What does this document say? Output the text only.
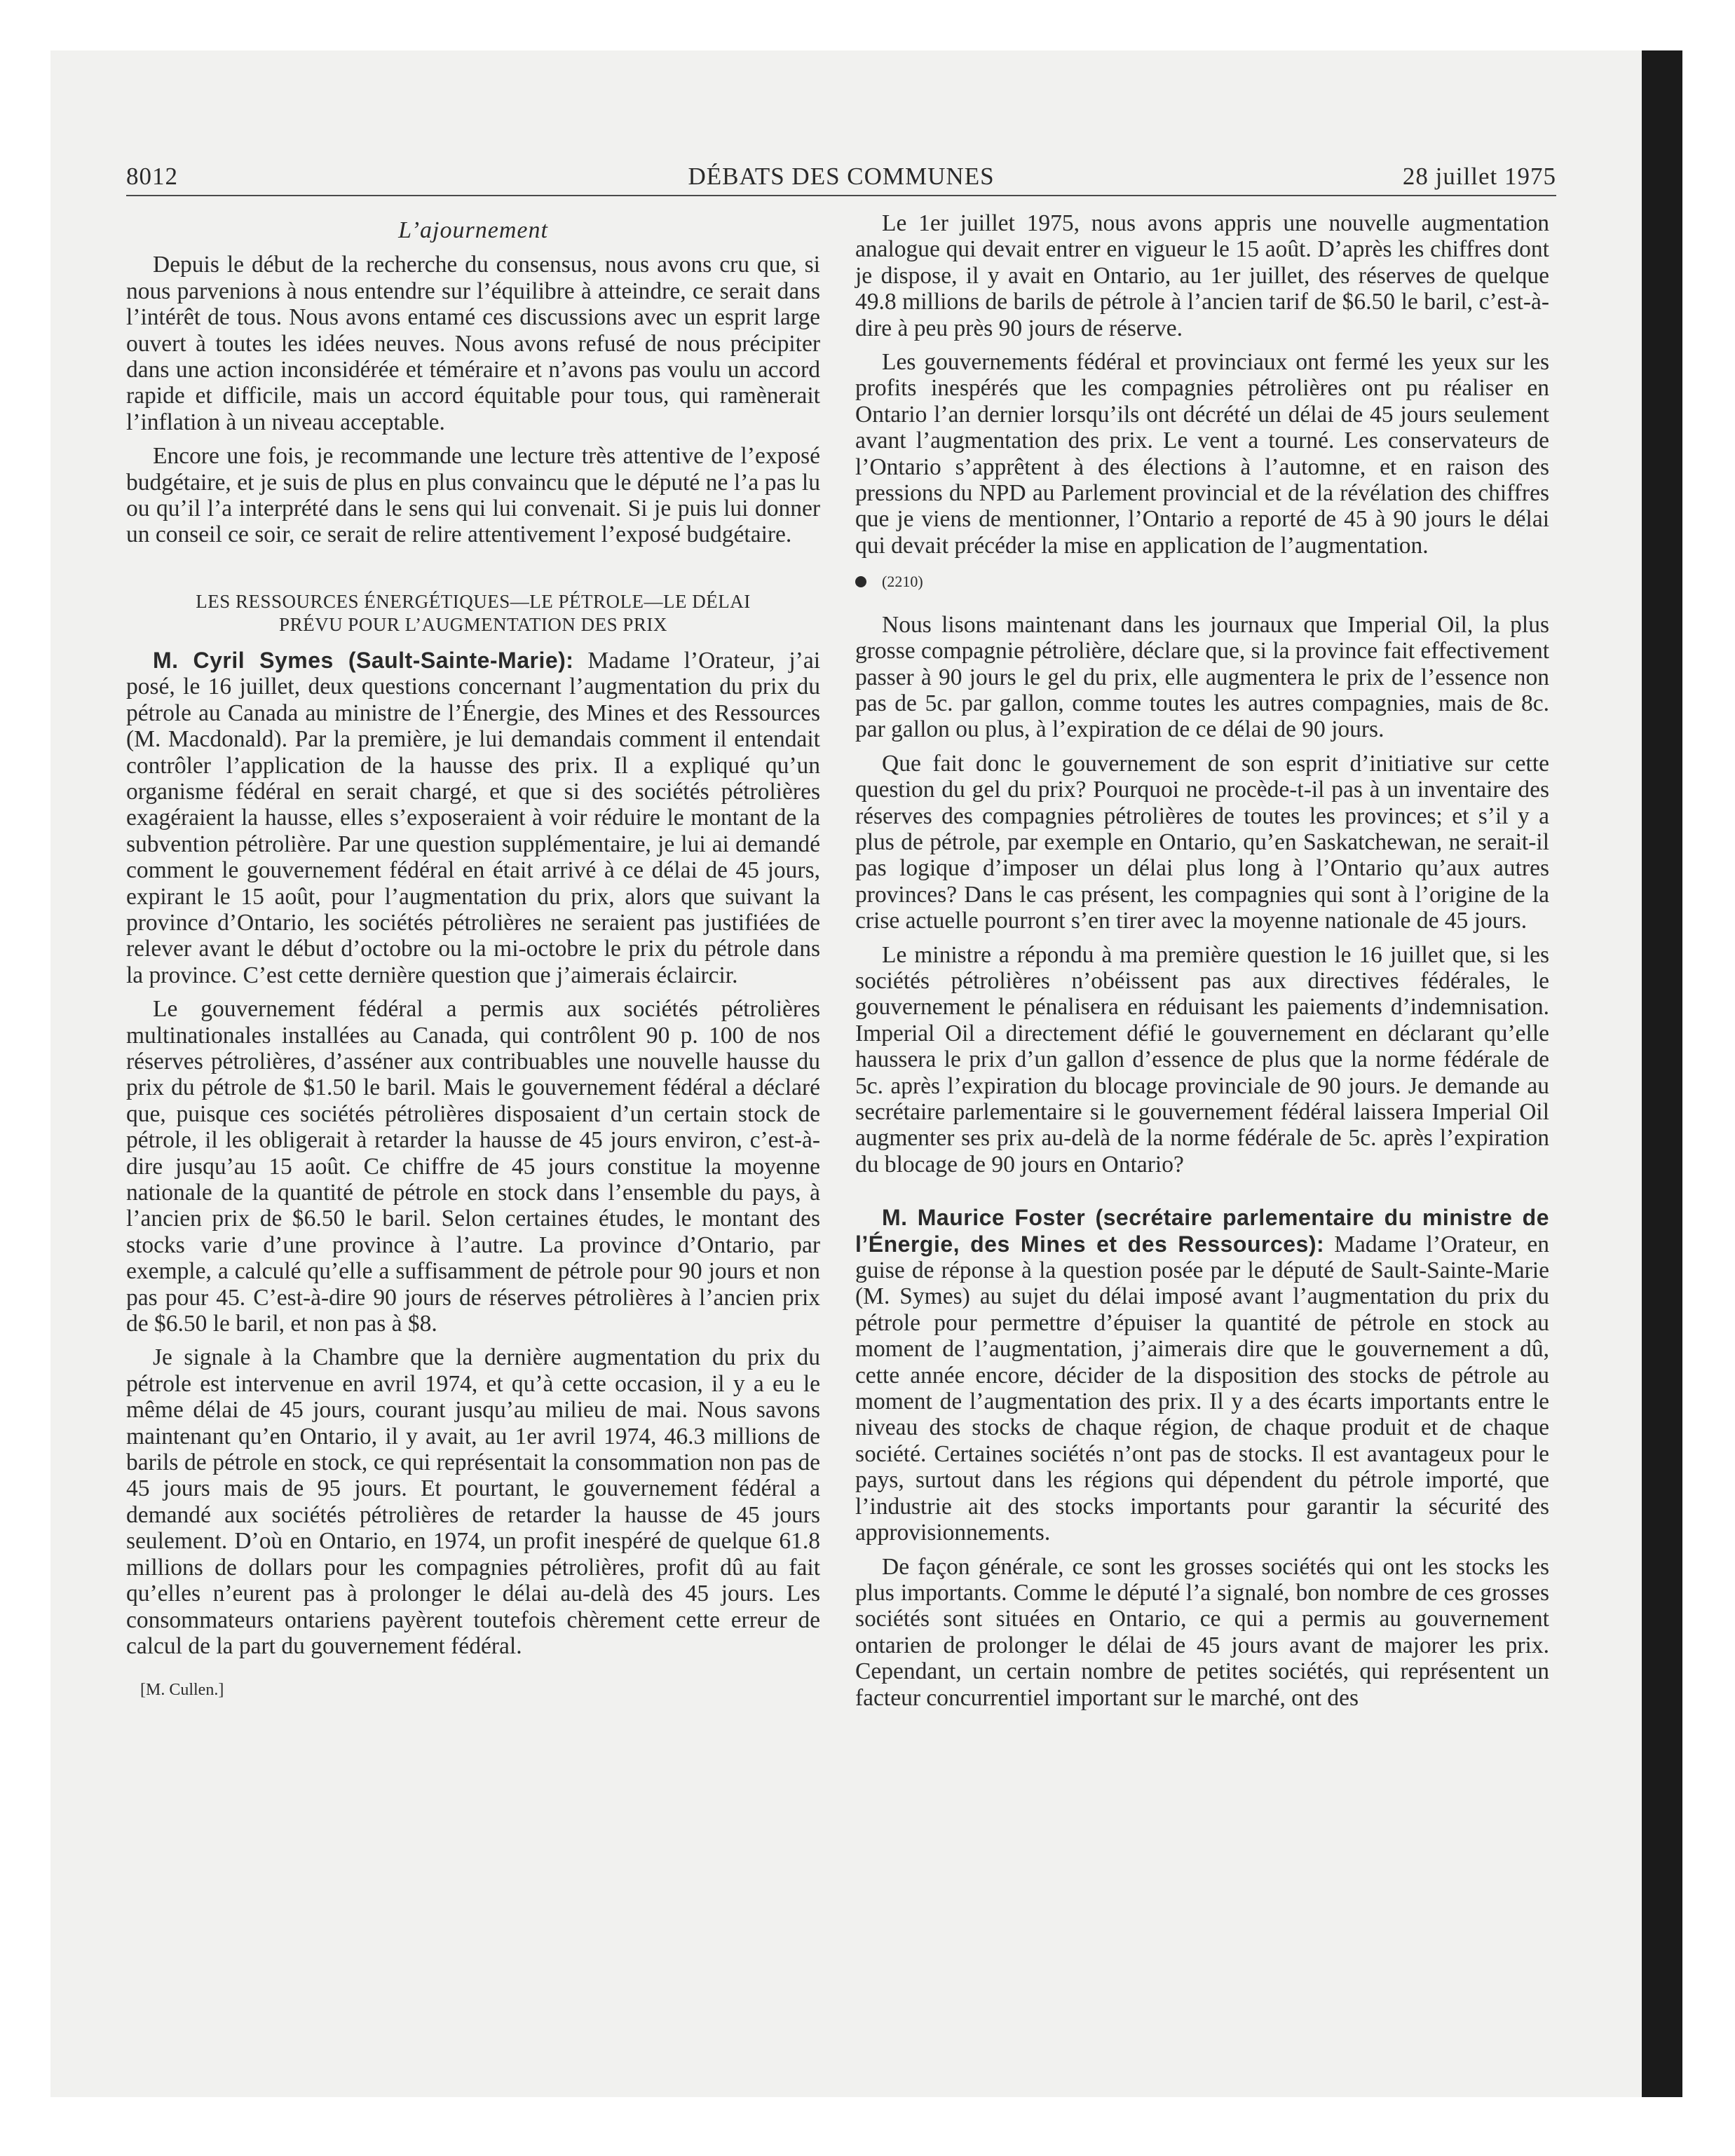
8012	DÉBATS DES COMMUNES	28 juillet 1975
L’ajournement

Depuis le début de la recherche du consensus, nous avons cru que, si nous parvenions à nous entendre sur l’équilibre à atteindre, ce serait dans l’intérêt de tous. Nous avons entamé ces discussions avec un esprit large ouvert à toutes les idées neuves. Nous avons refusé de nous précipiter dans une action inconsidérée et téméraire et n’avons pas voulu un accord rapide et difficile, mais un accord équitable pour tous, qui ramènerait l’inflation à un niveau acceptable.

Encore une fois, je recommande une lecture très attentive de l’exposé budgétaire, et je suis de plus en plus convaincu que le député ne l’a pas lu ou qu’il l’a interprété dans le sens qui lui convenait. Si je puis lui donner un conseil ce soir, ce serait de relire attentivement l’exposé budgétaire.

LES RESSOURCES ÉNERGÉTIQUES—LE PÉTROLE—LE DÉLAI
PRÉVU POUR L’AUGMENTATION DES PRIX

M. Cyril Symes (Sault-Sainte-Marie): Madame l’Orateur, j’ai posé, le 16 juillet, deux questions concernant l’augmentation du prix du pétrole au Canada au ministre de l’Énergie, des Mines et des Ressources (M. Macdonald). Par la première, je lui demandais comment il entendait contrôler l’application de la hausse des prix. Il a expliqué qu’un organisme fédéral en serait chargé, et que si des sociétés pétrolières exagéraient la hausse, elles s’exposeraient à voir réduire le montant de la subvention pétrolière. Par une question supplémentaire, je lui ai demandé comment le gouvernement fédéral en était arrivé à ce délai de 45 jours, expirant le 15 août, pour l’augmentation du prix, alors que suivant la province d’Ontario, les sociétés pétrolières ne seraient pas justifiées de relever avant le début d’octobre ou la mi-octobre le prix du pétrole dans la province. C’est cette dernière question que j’aimerais éclaircir.

Le gouvernement fédéral a permis aux sociétés pétrolières multinationales installées au Canada, qui contrôlent 90 p. 100 de nos réserves pétrolières, d’asséner aux contribuables une nouvelle hausse du prix du pétrole de $1.50 le baril. Mais le gouvernement fédéral a déclaré que, puisque ces sociétés pétrolières disposaient d’un certain stock de pétrole, il les obligerait à retarder la hausse de 45 jours environ, c’est-à-dire jusqu’au 15 août. Ce chiffre de 45 jours constitue la moyenne nationale de la quantité de pétrole en stock dans l’ensemble du pays, à l’ancien prix de $6.50 le baril. Selon certaines études, le montant des stocks varie d’une province à l’autre. La province d’Ontario, par exemple, a calculé qu’elle a suffisamment de pétrole pour 90 jours et non pas pour 45. C’est-à-dire 90 jours de réserves pétrolières à l’ancien prix de $6.50 le baril, et non pas à $8.

Je signale à la Chambre que la dernière augmentation du prix du pétrole est intervenue en avril 1974, et qu’à cette occasion, il y a eu le même délai de 45 jours, courant jusqu’au milieu de mai. Nous savons maintenant qu’en Ontario, il y avait, au 1er avril 1974, 46.3 millions de barils de pétrole en stock, ce qui représentait la consommation non pas de 45 jours mais de 95 jours. Et pourtant, le gouvernement fédéral a demandé aux sociétés pétrolières de retarder la hausse de 45 jours seulement. D’où en Ontario, en 1974, un profit inespéré de quelque 61.8 millions de dollars pour les compagnies pétrolières, profit dû au fait qu’elles n’eurent pas à prolonger le délai au-delà des 45 jours. Les consommateurs ontariens payèrent toutefois chèrement cette erreur de calcul de la part du gouvernement fédéral.

[M. Cullen.]

Le 1er juillet 1975, nous avons appris une nouvelle augmentation analogue qui devait entrer en vigueur le 15 août. D’après les chiffres dont je dispose, il y avait en Ontario, au 1er juillet, des réserves de quelque 49.8 millions de barils de pétrole à l’ancien tarif de $6.50 le baril, c’est-à-dire à peu près 90 jours de réserve.

Les gouvernements fédéral et provinciaux ont fermé les yeux sur les profits inespérés que les compagnies pétrolières ont pu réaliser en Ontario l’an dernier lorsqu’ils ont décrété un délai de 45 jours seulement avant l’augmentation des prix. Le vent a tourné. Les conservateurs de l’Ontario s’apprêtent à des élections à l’automne, et en raison des pressions du NPD au Parlement provincial et de la révélation des chiffres que je viens de mentionner, l’Ontario a reporté de 45 à 90 jours le délai qui devait précéder la mise en application de l’augmentation.

(2210)

Nous lisons maintenant dans les journaux que Imperial Oil, la plus grosse compagnie pétrolière, déclare que, si la province fait effectivement passer à 90 jours le gel du prix, elle augmentera le prix de l’essence non pas de 5c. par gallon, comme toutes les autres compagnies, mais de 8c. par gallon ou plus, à l’expiration de ce délai de 90 jours.

Que fait donc le gouvernement de son esprit d’initiative sur cette question du gel du prix? Pourquoi ne procède-t-il pas à un inventaire des réserves des compagnies pétrolières de toutes les provinces; et s’il y a plus de pétrole, par exemple en Ontario, qu’en Saskatchewan, ne serait-il pas logique d’imposer un délai plus long à l’Ontario qu’aux autres provinces? Dans le cas présent, les compagnies qui sont à l’origine de la crise actuelle pourront s’en tirer avec la moyenne nationale de 45 jours.

Le ministre a répondu à ma première question le 16 juillet que, si les sociétés pétrolières n’obéissent pas aux directives fédérales, le gouvernement le pénalisera en réduisant les paiements d’indemnisation. Imperial Oil a directement défié le gouvernement en déclarant qu’elle haussera le prix d’un gallon d’essence de plus que la norme fédérale de 5c. après l’expiration du blocage provinciale de 90 jours. Je demande au secrétaire parlementaire si le gouvernement fédéral laissera Imperial Oil augmenter ses prix au-delà de la norme fédérale de 5c. après l’expiration du blocage de 90 jours en Ontario?

M. Maurice Foster (secrétaire parlementaire du ministre de l’Énergie, des Mines et des Ressources): Madame l’Orateur, en guise de réponse à la question posée par le député de Sault-Sainte-Marie (M. Symes) au sujet du délai imposé avant l’augmentation du prix du pétrole pour permettre d’épuiser la quantité de pétrole en stock au moment de l’augmentation, j’aimerais dire que le gouvernement a dû, cette année encore, décider de la disposition des stocks de pétrole au moment de l’augmentation des prix. Il y a des écarts importants entre le niveau des stocks de chaque région, de chaque produit et de chaque société. Certaines sociétés n’ont pas de stocks. Il est avantageux pour le pays, surtout dans les régions qui dépendent du pétrole importé, que l’industrie ait des stocks importants pour garantir la sécurité des approvisionnements.

De façon générale, ce sont les grosses sociétés qui ont les stocks les plus importants. Comme le député l’a signalé, bon nombre de ces grosses sociétés sont situées en Ontario, ce qui a permis au gouvernement ontarien de prolonger le délai de 45 jours avant de majorer les prix. Cependant, un certain nombre de petites sociétés, qui représentent un facteur concurrentiel important sur le marché, ont des
